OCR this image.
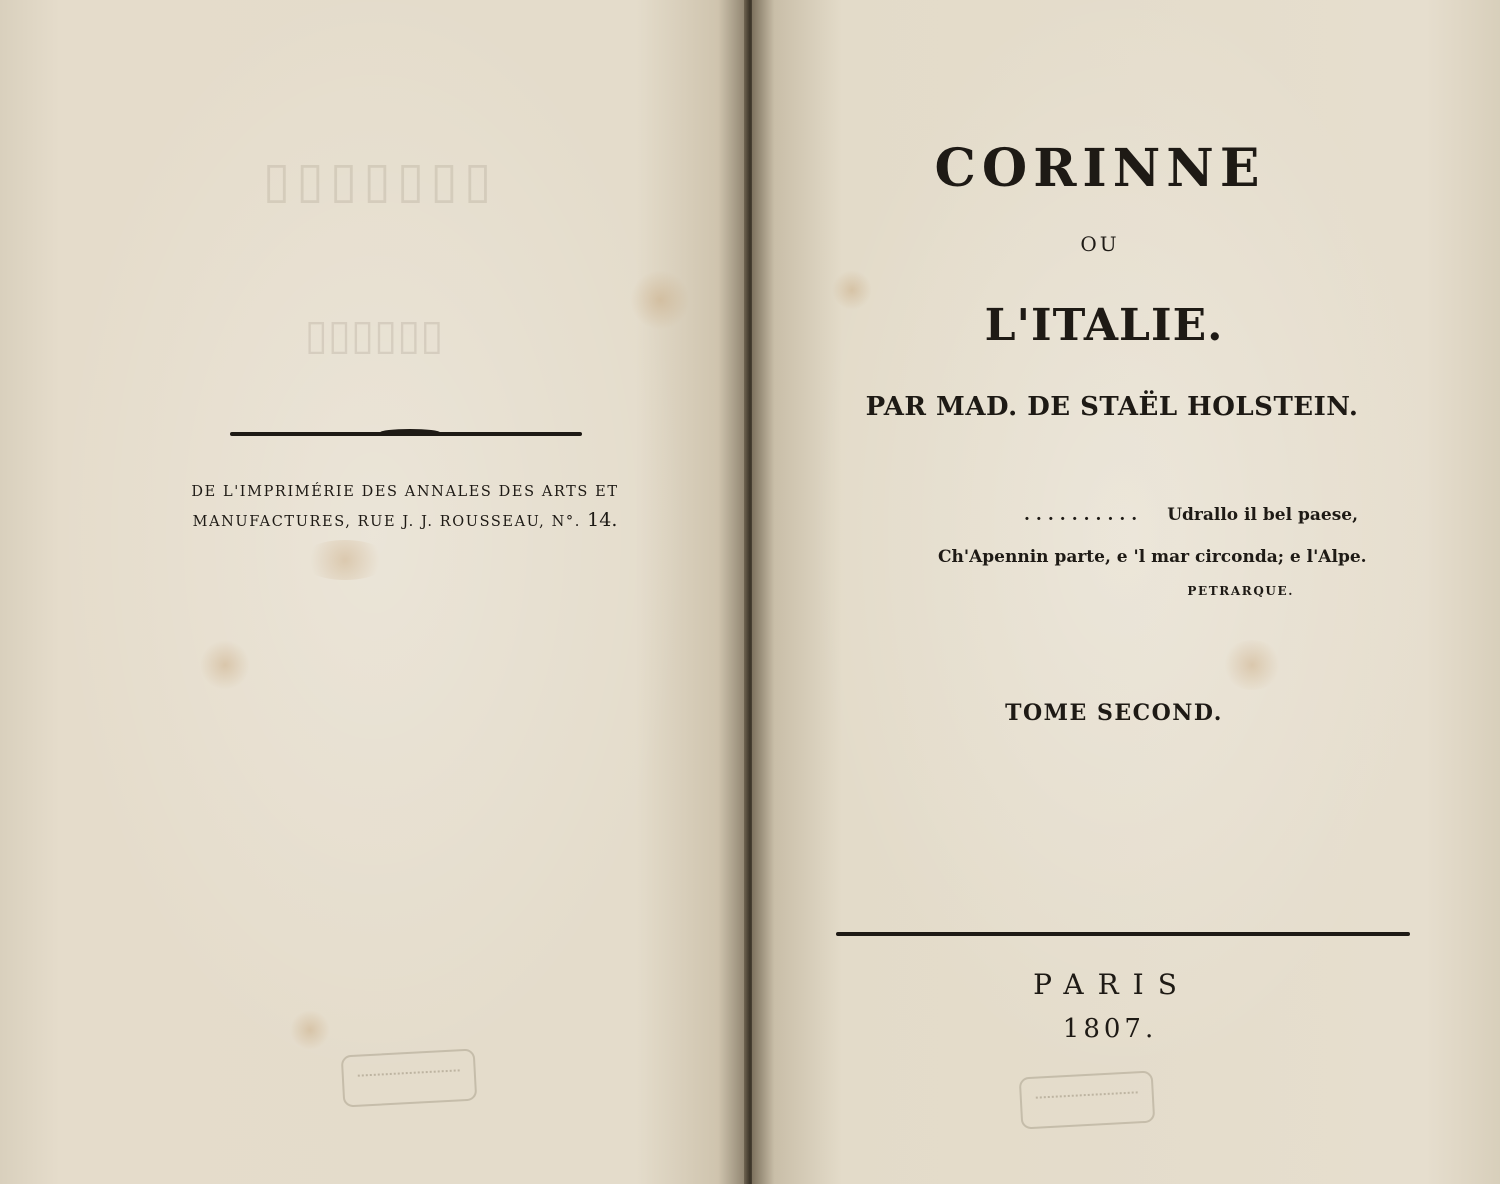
▯▯▯▯▯▯▯
▯▯▯▯▯▯
DE L'IMPRIMÉRIE DES ANNALES DES ARTS ET
MANUFACTURES, RUE J. J. ROUSSEAU, N°. 14.
CORINNE
OU
L'ITALIE.
PAR MAD. DE STAËL HOLSTEIN.
.......... Udrallo il bel paese,
Ch'Apennin parte, e 'l mar circonda; e l'Alpe.
PETRARQUE.
TOME SECOND.
PARIS
1807.
